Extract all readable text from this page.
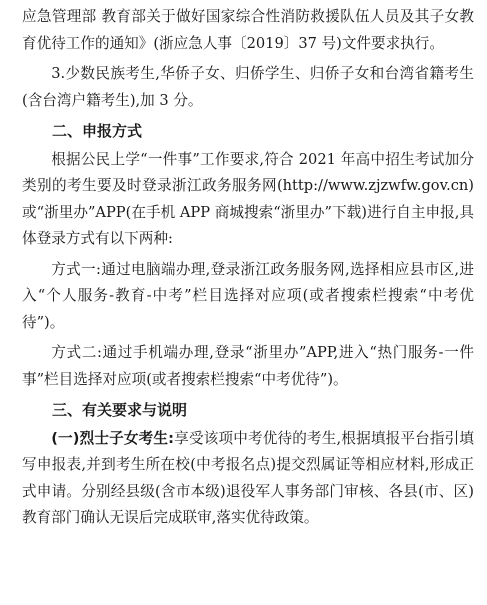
应急管理部 教育部关于做好国家综合性消防救援队伍人员及其子女教育优待工作的通知》(浙应急人事〔2019〕37 号)文件要求执行。

3.少数民族考生,华侨子女、归侨学生、归侨子女和台湾省籍考生(含台湾户籍考生),加 3 分。

二、申报方式

根据公民上学“一件事”工作要求,符合 2021 年高中招生考试加分类别的考生要及时登录浙江政务服务网(http://www.zjzwfw.gov.cn)或“浙里办”APP(在手机 APP 商城搜索“浙里办”下载)进行自主申报,具体登录方式有以下两种:

方式一:通过电脑端办理,登录浙江政务服务网,选择相应县市区,进入“个人服务-教育-中考”栏目选择对应项(或者搜索栏搜索“中考优待”)。

方式二:通过手机端办理,登录“浙里办”APP,进入“热门服务-一件事”栏目选择对应项(或者搜索栏搜索“中考优待”)。

三、有关要求与说明

(一)烈士子女考生:享受该项中考优待的考生,根据填报平台指引填写申报表,并到考生所在校(中考报名点)提交烈属证等相应材料,形成正式申请。分别经县级(含市本级)退役军人事务部门审核、各县(市、区)教育部门确认无误后完成联审,落实优待政策。
